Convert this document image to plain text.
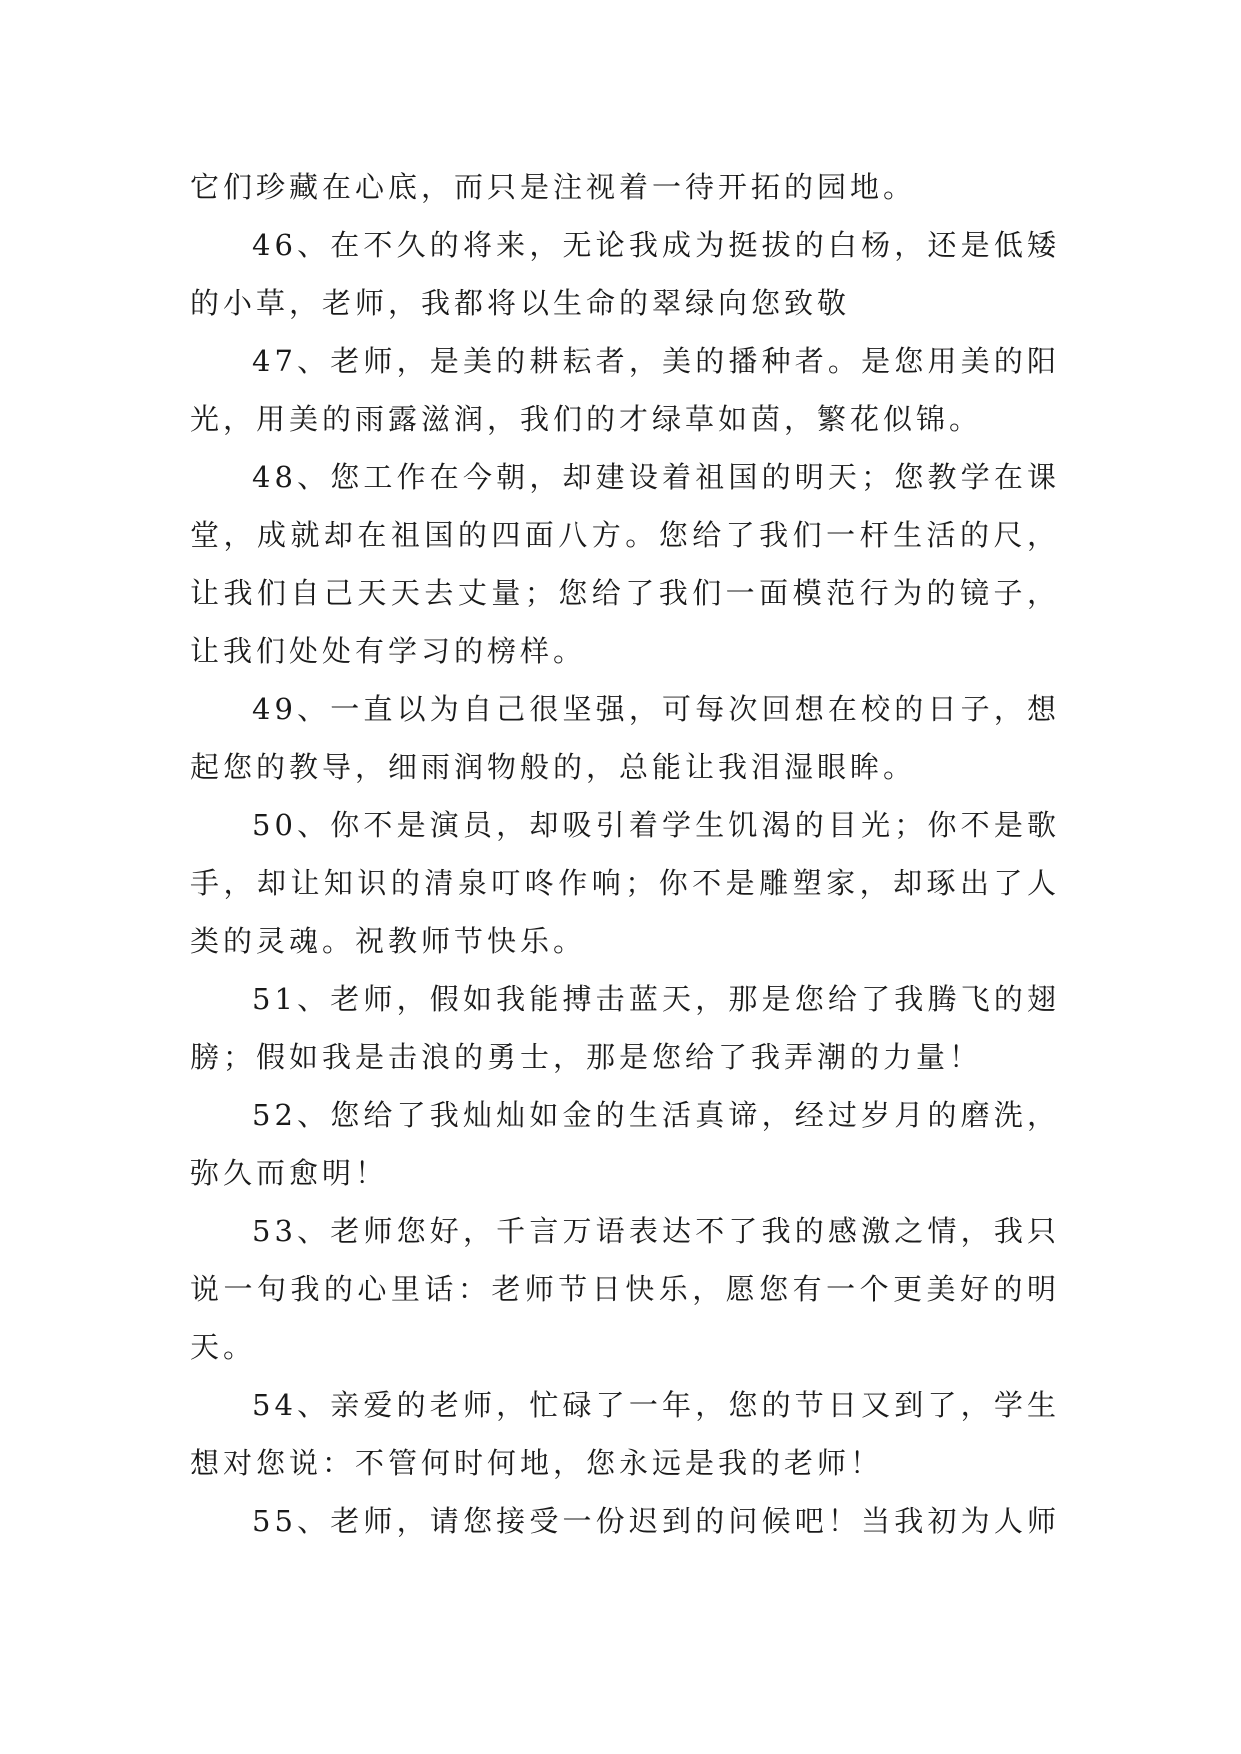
它们珍藏在心底，而只是注视着一待开拓的园地。
46、在不久的将来，无论我成为挺拔的白杨，还是低矮
的小草，老师，我都将以生命的翠绿向您致敬
47、老师，是美的耕耘者，美的播种者。是您用美的阳
光，用美的雨露滋润，我们的才绿草如茵，繁花似锦。
48、您工作在今朝，却建设着祖国的明天；您教学在课
堂，成就却在祖国的四面八方。您给了我们一杆生活的尺，
让我们自己天天去丈量；您给了我们一面模范行为的镜子，
让我们处处有学习的榜样。
49、一直以为自己很坚强，可每次回想在校的日子，想
起您的教导，细雨润物般的，总能让我泪湿眼眸。
50、你不是演员，却吸引着学生饥渴的目光；你不是歌
手，却让知识的清泉叮咚作响；你不是雕塑家，却琢出了人
类的灵魂。祝教师节快乐。
51、老师，假如我能搏击蓝天，那是您给了我腾飞的翅
膀；假如我是击浪的勇士，那是您给了我弄潮的力量！
52、您给了我灿灿如金的生活真谛，经过岁月的磨洗，
弥久而愈明！
53、老师您好，千言万语表达不了我的感激之情，我只
说一句我的心里话：老师节日快乐，愿您有一个更美好的明
天。
54、亲爱的老师，忙碌了一年，您的节日又到了，学生
想对您说：不管何时何地，您永远是我的老师！
55、老师，请您接受一份迟到的问候吧！当我初为人师
